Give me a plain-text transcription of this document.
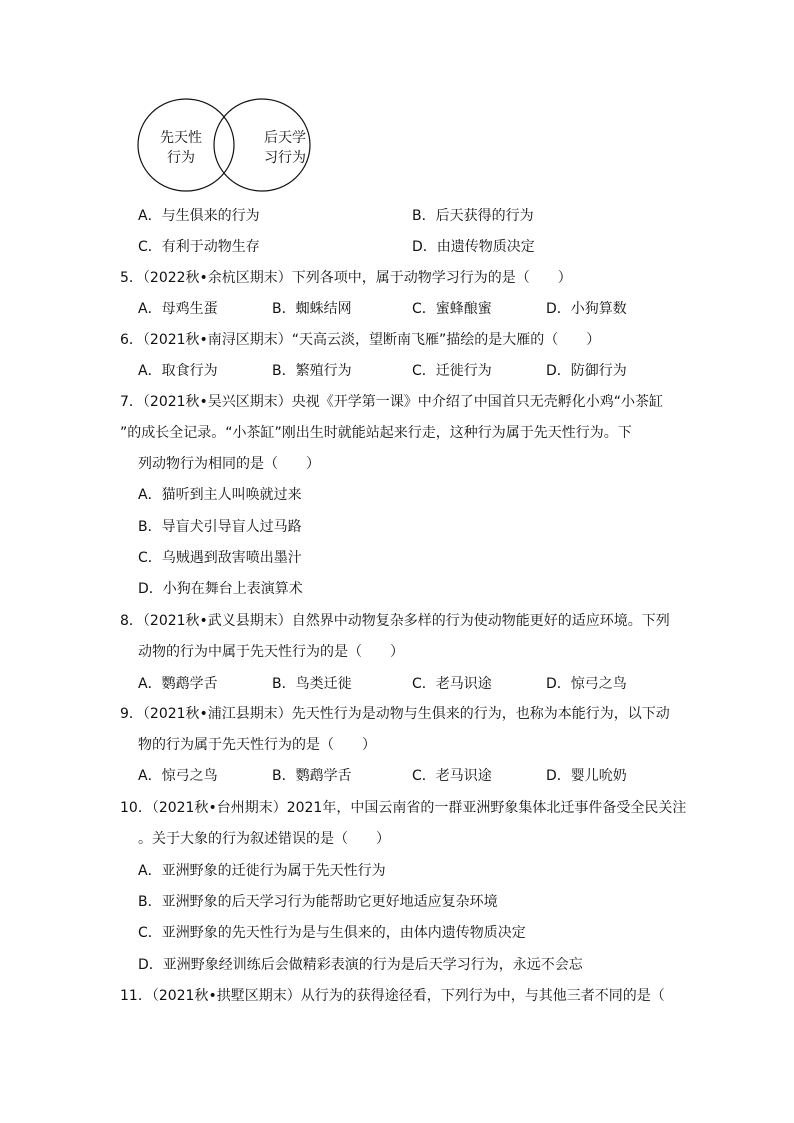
先天性
行为
后天学
习行为
A．与生俱来的行为	B．后天获得的行为
C．有利于动物生存	D．由遗传物质决定
5．（2022秋•余杭区期末）下列各项中，属于动物学习行为的是（　　）
A．母鸡生蛋	B．蜘蛛结网	C．蜜蜂酿蜜	D．小狗算数
6．（2021秋•南浔区期末）“天高云淡，望断南飞雁”描绘的是大雁的（　　）
A．取食行为	B．繁殖行为	C．迁徙行为	D．防御行为
7．（2021秋•吴兴区期末）央视《开学第一课》中介绍了中国首只无壳孵化小鸡“小茶缸
”的成长全记录。“小茶缸”刚出生时就能站起来行走，这种行为属于先天性行为。下
列动物行为相同的是（　　）
A．猫听到主人叫唤就过来
B．导盲犬引导盲人过马路
C．乌贼遇到敌害喷出墨汁
D．小狗在舞台上表演算术
8．（2021秋•武义县期末）自然界中动物复杂多样的行为使动物能更好的适应环境。下列
动物的行为中属于先天性行为的是（　　）
A．鹦鹉学舌	B．鸟类迁徙	C．老马识途	D．惊弓之鸟
9．（2021秋•浦江县期末）先天性行为是动物与生俱来的行为，也称为本能行为，以下动
物的行为属于先天性行为的是（　　）
A．惊弓之鸟	B．鹦鹉学舌	C．老马识途	D．婴儿吮奶
10．（2021秋•台州期末）2021年，中国云南省的一群亚洲野象集体北迁事件备受全民关注
。关于大象的行为叙述错误的是（　　）
A．亚洲野象的迁徙行为属于先天性行为
B．亚洲野象的后天学习行为能帮助它更好地适应复杂环境
C．亚洲野象的先天性行为是与生俱来的，由体内遗传物质决定
D．亚洲野象经训练后会做精彩表演的行为是后天学习行为，永远不会忘
11．（2021秋•拱墅区期末）从行为的获得途径看，下列行为中，与其他三者不同的是（
